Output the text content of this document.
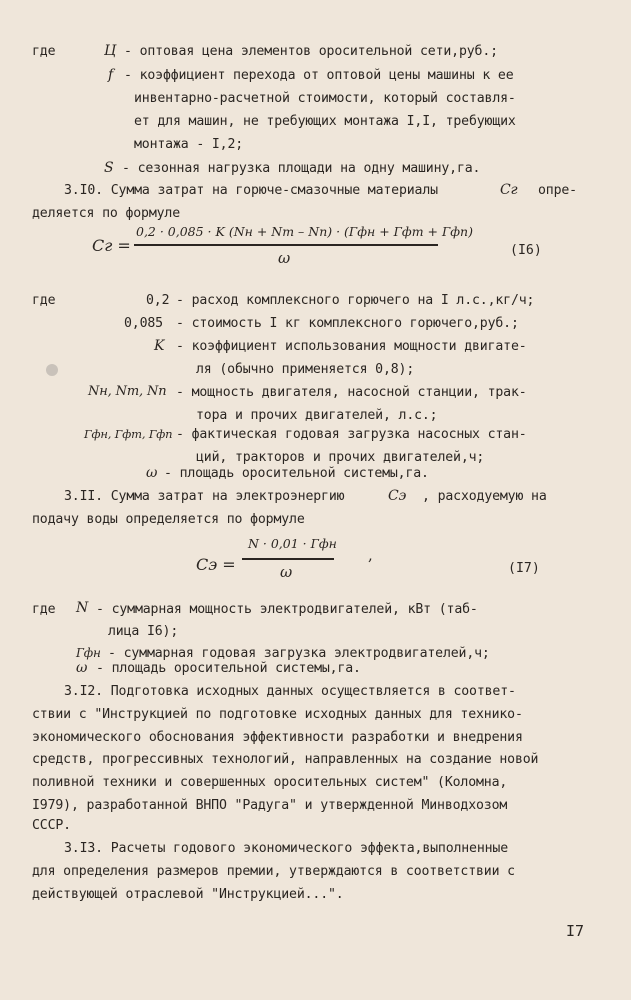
где	Ц - оптовая цена элементов оросительной сети,руб.;
f - коэффициент перехода от оптовой цены машины к ее
инвентарно-расчетной стоимости, который составля-
ет для машин, не требующих монтажа I,I, требующих
монтажа - I,2;
S - сезонная нагрузка площади на одну машину,га.
3.I0. Сумма затрат на горюче-смазочные материалы	Cг опре-
деляется по формуле
Cг =
0,2 · 0,085 · K (Nн + Nт – Nп) · (Гфн + Гфт + Гфп)
ω	(I6)
где	0,2 - расход комплексного горючего на I л.с.,кг/ч;
0,085 - стоимость I кг комплексного горючего,руб.;
K - коэффициент использования мощности двигате-
ля (обычно применяется 0,8);
Nн, Nт, Nп - мощность двигателя, насосной станции, трак-
тора и прочих двигателей, л.с.;
Гфн, Гфт, Гфп - фактическая годовая загрузка насосных стан-
ций, тракторов и прочих двигателей,ч;
ω - площадь оросительной системы,га.
3.II. Сумма затрат на электроэнергию	Cэ , расходуемую на
подачу воды определяется по формуле
Cэ =
N · 0,01 · Гфн
ω
,
(I7)
где N - суммарная мощность электродвигателей, кВт (таб-
лица I6);
Гфн - суммарная годовая загрузка электродвигателей,ч;
ω - площадь оросительной системы,га.
3.I2. Подготовка исходных данных осуществляется в соответ-
ствии с "Инструкцией по подготовке исходных данных для технико-
экономического обоснования эффективности разработки и внедрения
средств, прогрессивных технологий, направленных на создание новой
поливной техники и совершенных оросительных систем" (Коломна,
I979), разработанной ВНПО "Радуга" и утвержденной Минводхозом
СССР.
3.I3. Расчеты годового экономического эффекта,выполненные
для определения размеров премии, утверждаются в соответствии с
действующей отраслевой "Инструкцией...".
I7
